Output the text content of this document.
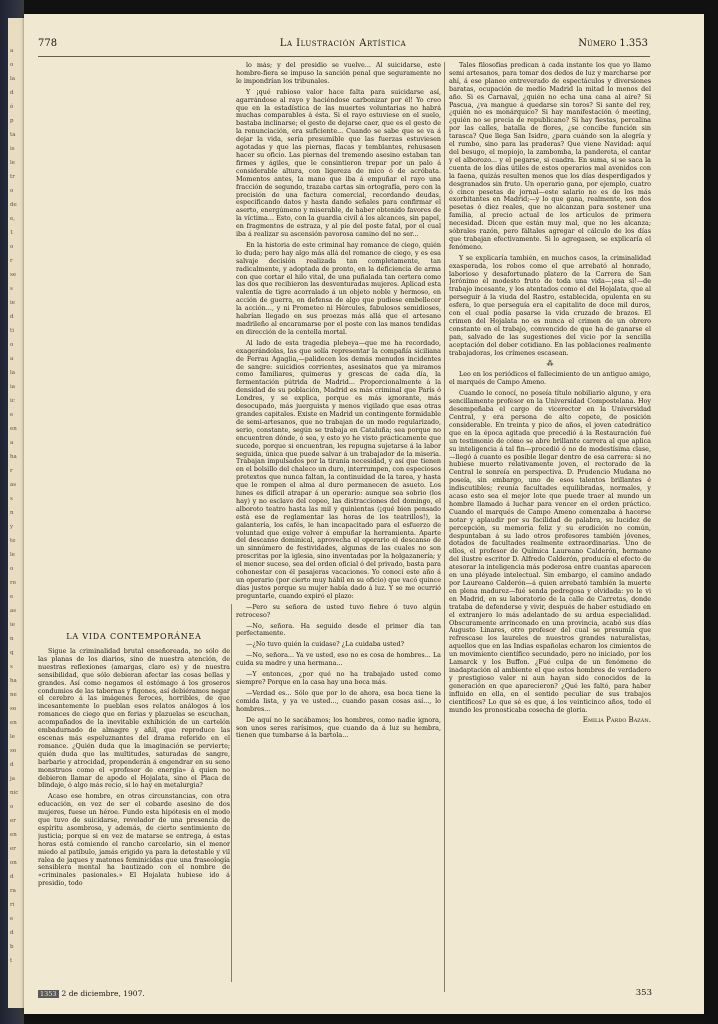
a
o
la
d
ó
p
ta
is
le
tr
o
de
e,
1
o
r
se
s
ie
d
ti
o
a
la
ia
ic
e
en
a
ha
r
as
s
n
y
te
le
o
ro
e
as
ie
n
q
s
ha
ne
so
en
le
so
d
ja
nic
o
er
en
er
on
d
ra
ri
e
d
b
t
778	La Ilustración Artística	Número 1.353
LA VIDA CONTEMPORÁNEA

Sigue la criminalidad brutal enseñoreada, no sólo de las planas de los diarios, sino de nuestra atención, de nuestras reflexiones (amargas, claro es) y de nuestra sensibilidad, que sólo debieran afectar las cosas bellas y grandes. Así como negamos el estómago á los groseros condumios de las tabernas y figones, así debiéramos negar el cerebro á las imágenes feroces, horribles, de que incesantemente lo pueblan esos relatos análogos á los romances de ciego que en ferias y plazuelas se escuchan, acompañados de la inevitable exhibición de un cartelón embadurnado de almagre y añil, que reproduce las escenas más espeluznantes del drama referido en el romance. ¿Quién duda que la imaginación se pervierte; quién duda que las multitudes, saturadas de sangre, barbarie y atrocidad, propenderán á engendrar en su seno monstruos como el «profesor de energía» á quien no debieron llamar de apodo el Hojalata, sino el Placa de blindaje, ó algo más recio, si lo hay en metalurgia?

Acaso ese hombre, en otras circunstancias, con otra educación, en vez de ser el cobarde asesino de dos mujeres, fuese un héroe. Fundo esta hipótesis en el modo que tuvo de suicidarse, revelador de una presencia de espíritu asombrosa, y además, de cierto sentimiento de justicia; porque si en vez de matarse se entrega, á estas horas está comiendo el rancho carcelario, sin el menor miedo al patíbulo, jamás erigido ya para la detestable y vil ralea de jaques y matones feminicidas que una fraseología sensiblera mental ha bautizado con el nombre de «criminales pasionales.» El Hojalata hubiese ido á presidio, todo

lo más; y del presidio se vuelve... Al suicidarse, este hombre-fiera se impuso la sanción penal que seguramente no le impondrían los tribunales.

Y ¡qué rabioso valor hace falta para suicidarse así, agarrándose al rayo y haciéndose carbonizar por él! Yo creo que en la estadística de las muertes voluntarias no habrá muchas comparables á ésta. Si el rayo estuviese en el suelo, bastaba inclinarse; el gesto de dejarse caer, que es el gesto de la renunciación, era suficiente... Cuando se sabe que se va á dejar la vida, sería presumible que las fuerzas estuviesen agotadas y que las piernas, flacas y temblantes, rehusasen hacer su oficio. Las piernas del tremendo asesino estaban tan firmes y ágiles, que le consintieron trepar por un palo á considerable altura, con ligereza de mico ó de acróbata. Momentos antes, la mano que iba á empuñar el rayo una fracción de segundo, trazaba cartas sin ortografía, pero con la precisión de una factura comercial, recordando deudas, especificando datos y hasta dando señales para confirmar el aserto, energúmeno y miserable, de haber obtenido favores de la víctima... Esto, con la guardia civil á los alcances, sin papel, en fragmentos de estraza, y al pie del poste fatal, por el cual iba á realizar su ascensión pavorosa camino del no ser...

En la historia de este criminal hay romance de ciego, quién lo duda; pero hay algo más allá del romance de ciego, y es esa salvaje decisión realizada tan completamente, tan radicalmente, y adoptada de pronto, en la deficiencia de arma con que cortar el hilo vital, de una puñalada tan certera como las dos que recibieron las desventuradas mujeres. Aplicad esta valentía de tigre acorralado á un objeto noble y hermoso, en acción de guerra, en defensa de algo que pudiese embellecer la acción..., y ni Prometeo ni Hércules, fabulosos semidioses, habrían llegado en sus proezas más allá que el artesano madrileño al encaramarse por el poste con las manos tendidas en dirección de la centella mortal.

Al lado de esta tragedia plebeya—que me ha recordado, exagerándolas, las que solía representar la compañía siciliana de Ferrau Agaglia,—palidecen los demás menudos incidentes de sangre: suicidios corrientes, asesinatos que ya miramos como familiares, quimeras y grescas de cada día, la fermentación pútrida de Madrid... Proporcionalmente á la densidad de su población, Madrid es más criminal que París ó Londres, y se explica, porque es más ignorante, más desocupado, más juerguista y menos vigilado que esas otras grandes capitales. Existe en Madrid un contingente formidable de semi-artesanos, que no trabajan de un modo regularizado, serio, constante, según se trabaja en Cataluña; sea porque no encuentren dónde, ó sea, y esto yo he visto prácticamente que sucede, porque si encuentran, les repugna sujetarse á la labor seguida, única que puede salvar á un trabajador de la miseria. Trabajan impulsados por la tiranía necesidad, y así que tienen en el bolsillo del chaleco un duro, interrumpen, con especiosos pretextos que nunca faltan, la continuidad de la tarea, y hasta que le rompen el alma al duro permanecen de asueto. Los lunes es difícil atrapar á un operario: aunque sea sobrio (los hay) y no esclavo del copeo, las distracciones del domingo, el alboroto teatro hasta las mil y quinientas (¡qué bien pensado está ese de reglamentar las horas de los teatrillos!), la galantería, los cafés, le han incapacitado para el esfuerzo de voluntad que exige volver á empuñar la herramienta. Aparte del descanso dominical, aprovecha el operario el descanso de un sinnúmero de festividades, algunas de las cuales no son prescritas por la iglesia, sino inventadas por la holgazanería; y el menor suceso, sea del orden oficial ó del privado, basta para cohonestar con él pasajeras vacaciones. Yo conocí este año á un operario (por cierto muy hábil en su oficio) que vacó quince días justos porque su mujer había dado á luz. Y se me ocurrió preguntarle, cuando expiró el plazo:

—Pero su señora de usted tuvo fiebre ó tuvo algún retroceso?

—No, señora. Ha seguido desde el primer día tan perfectamente.

—¿No tuvo quién la cuidase? ¿La cuidaba usted?

—No, señora... Ya ve usted, eso no es cosa de hombres... La cuida su madre y una hermana...

—Y entonces, ¿por qué no ha trabajado usted como siempre? Porque en la casa hay una boca más.

—Verdad es... Sólo que por lo de ahora, esa boca tiene la comida lista, y ya ve usted..., cuando pasan cosas así..., lo hombres...

De aquí no le sacábamos; los hombres, como nadie ignora, son unos seres rarísimos, que cuando da á luz su hembra, tienen que tumbarse á la bartola...

Tales filosofías predican á cada instante los que yo llamo semi artesanos, para tomar dos dedos de luz y marcharse por ahí, á ese planeo entreverado de espectáculos y diversiones baratas, ocupación de medio Madrid la mitad lo menos del año. Si es Carnaval, ¿quién no echa una cana al aire? Si Pascua, ¿va mangue á quedarse sin toros? Si sante del rey, ¿quién no es monárquico? Si hay manifestación ó meeting, ¿quién no se precia de republicano? Si hay fiestas, percalina por las calles, batalla de flores, ¿se concibe función sin tarasca? Que llega San Isidro, ¿para cuándo son la alegría y el rumbo, sino para las praderas? Que viene Navidad: aquí del besugo, el mopiojo, la zambomba, la pandereta, el cantar y el alborozo... y el pegarse, si cuadra. En suma, si se saca la cuenta de los días útiles de estos operarios mal avenidos con la faena, quizás resulten menos que los días desperdigados y desgranados sin fruto. Un operario gana, por ejemplo, cuatro ó cinco pesetas de jornal—este salario no es de los más exorbitantes en Madrid;—y lo que gana, realmente, son dos pesetas ó diez reales, que no alcanzan para sostener una familia, al precio actual de los artículos de primera necesidad. Dicen que están muy mal, que no les alcanza; sóbrales razón, pero fáltales agregar el cálculo de los días que trabajan efectivamente. Si lo agregasen, se explicaría el fenómeno.

Y se explicaría también, en muchos casos, la criminalidad exasperada, los robos como el que arrebató al honrado, laborioso y desafortunado platero de la Carrera de San Jerónimo el modesto fruto de toda una vida—¡esa sí!—de trabajo incesante, y los atentados como el del Hojalata, que al perseguir á la viuda del Rastro, establecida, opulenta en su esfera, lo que perseguía era el capitalito de doce mil duros, con el cual podía pasarse la vida cruzado de brazos. El crimen del Hojalata no es nunca el crimen de un obrero constante en el trabajo, convencido de que ha de ganarse el pan, salvado de las sugestiones del vicio por la sencilla aceptación del deber cotidiano. En las poblaciones realmente trabajadoras, los crímenes escasean.

⁂

Leo en los periódicos el fallecimiento de un antiguo amigo, el marqués de Campo Ameno.

Cuando le conocí, no poseía título nobiliario alguno, y era sencillamente profesor en la Universidad Compostelana. Hoy desempeñaba el cargo de vicerector en la Universidad Central, y era persona de alto copete, de posición considerable. En treinta y pico de años, el joven catedrático que en la época agitada que precedió á la Restauración fué un testimonio de cómo se abre brillante carrera al que aplica su inteligencia á tal fin—procedió ó no de modestísima clase,—llegó á cuanto es posible llegar dentro de esa carrera: si no hubiese muerto relativamente joven, el rectorado de la Central le sonreía en perspectiva. D. Prudencio Mudana no poseía, sin embargo, uno de esos talentos brillantes é indiscutibles; reunía facultades equilibradas, normales, y acaso esto sea el mejor lote que puede traer al mundo un hombre llamado á luchar para vencer en el orden práctico. Cuando el marqués de Campo Ameno comenzaba á hacerse notar y aplaudir por su facilidad de palabra, su lucidez de percepción, su memoria feliz y su erudición no común, despuntaban á su lado otros profesores también jóvenes, dotados de facultades realmente extraordinarias. Uno de ellos, el profesor de Química Laureano Calderón, hermano del ilustre escritor D. Alfredo Calderón, producía el efecto de atesorar la inteligencia más poderosa entre cuantas aparecen en una pléyade intelectual. Sin embargo, el camino andado por Laureano Calderón—á quien arrebató también la muerte en plena madurez—fué senda pedregosa y olvidada: yo le vi en Madrid, en su laboratorio de la calle de Carretas, donde trataba de defenderse y vivir, después de haber estudiado en el extranjero lo más adelantado de su ardua especialidad. Obscuramente arrinconado en una provincia, acabó sus días Augusto Linares, otro profesor del cual se presumía que refrescase los laureles de nuestros grandes naturalistas, aquellos que en las Indias españolas echaron los cimientos de un movimiento científico secundado, pero no iniciado, por los Lamarck y los Buffon. ¿Fué culpa de un fenómeno de inadaptación al ambiente el que estos hombres de verdadero y prestigioso valer ni aun hayan sido conocidos de la generación en que aparecieron? ¿Qué les faltó, para haber influido en ella, en el sentido peculiar de sus trabajos científicos? Lo que sé es que, á los veinticinco años, todo el mundo les pronosticaba cosecha de gloria.

Emilia Pardo Bazán.

1353 2 de diciembre, 1907.	353
